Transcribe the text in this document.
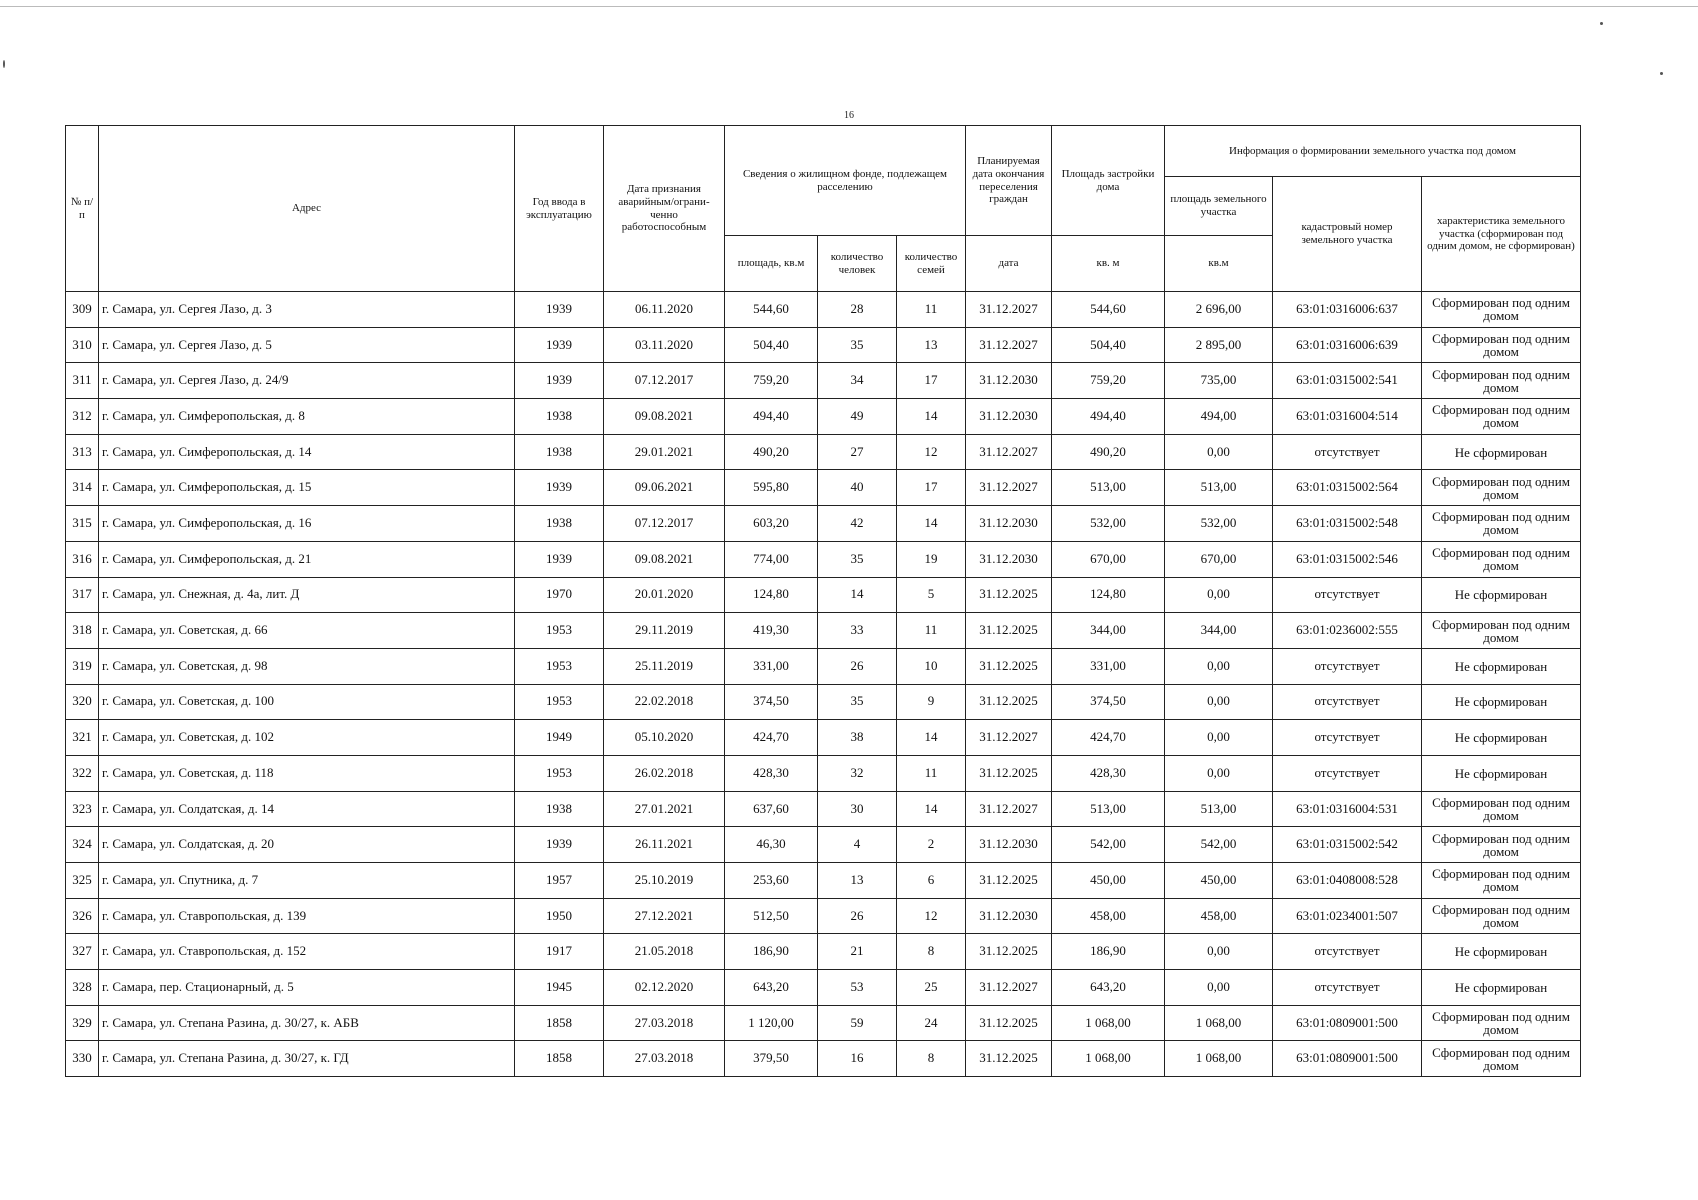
16
№ п/п	Адрес	Год ввода в эксплуатацию	Дата признания аварийным/ограни-ченно работоспособным	Сведения о жилищном фонде, подлежащем расселению			Планируемая дата окончания переселения граждан	Площадь застройки дома	Информация о формировании земельного участка под домом		
									площадь земельного участка	кадастровый номер земельного участка	характеристика земельного участка (сформирован под одним домом, не сформирован)
				площадь, кв.м	количество человек	количество семей	дата	кв. м	кв.м		
309	г. Самара, ул. Сергея Лазо, д. 3	1939	06.11.2020	544,60	28	11	31.12.2027	544,60	2 696,00	63:01:0316006:637	Сформирован под одним домом
310	г. Самара, ул. Сергея Лазо, д. 5	1939	03.11.2020	504,40	35	13	31.12.2027	504,40	2 895,00	63:01:0316006:639	Сформирован под одним домом
311	г. Самара, ул. Сергея Лазо, д. 24/9	1939	07.12.2017	759,20	34	17	31.12.2030	759,20	735,00	63:01:0315002:541	Сформирован под одним домом
312	г. Самара, ул. Симферопольская, д. 8	1938	09.08.2021	494,40	49	14	31.12.2030	494,40	494,00	63:01:0316004:514	Сформирован под одним домом
313	г. Самара, ул. Симферопольская, д. 14	1938	29.01.2021	490,20	27	12	31.12.2027	490,20	0,00	отсутствует	Не сформирован
314	г. Самара, ул. Симферопольская, д. 15	1939	09.06.2021	595,80	40	17	31.12.2027	513,00	513,00	63:01:0315002:564	Сформирован под одним домом
315	г. Самара, ул. Симферопольская, д. 16	1938	07.12.2017	603,20	42	14	31.12.2030	532,00	532,00	63:01:0315002:548	Сформирован под одним домом
316	г. Самара, ул. Симферопольская, д. 21	1939	09.08.2021	774,00	35	19	31.12.2030	670,00	670,00	63:01:0315002:546	Сформирован под одним домом
317	г. Самара, ул. Снежная, д. 4а, лит. Д	1970	20.01.2020	124,80	14	5	31.12.2025	124,80	0,00	отсутствует	Не сформирован
318	г. Самара, ул. Советская, д. 66	1953	29.11.2019	419,30	33	11	31.12.2025	344,00	344,00	63:01:0236002:555	Сформирован под одним домом
319	г. Самара, ул. Советская, д. 98	1953	25.11.2019	331,00	26	10	31.12.2025	331,00	0,00	отсутствует	Не сформирован
320	г. Самара, ул. Советская, д. 100	1953	22.02.2018	374,50	35	9	31.12.2025	374,50	0,00	отсутствует	Не сформирован
321	г. Самара, ул. Советская, д. 102	1949	05.10.2020	424,70	38	14	31.12.2027	424,70	0,00	отсутствует	Не сформирован
322	г. Самара, ул. Советская, д. 118	1953	26.02.2018	428,30	32	11	31.12.2025	428,30	0,00	отсутствует	Не сформирован
323	г. Самара, ул. Солдатская, д. 14	1938	27.01.2021	637,60	30	14	31.12.2027	513,00	513,00	63:01:0316004:531	Сформирован под одним домом
324	г. Самара, ул. Солдатская, д. 20	1939	26.11.2021	46,30	4	2	31.12.2030	542,00	542,00	63:01:0315002:542	Сформирован под одним домом
325	г. Самара, ул. Спутника, д. 7	1957	25.10.2019	253,60	13	6	31.12.2025	450,00	450,00	63:01:0408008:528	Сформирован под одним домом
326	г. Самара, ул. Ставропольская, д. 139	1950	27.12.2021	512,50	26	12	31.12.2030	458,00	458,00	63:01:0234001:507	Сформирован под одним домом
327	г. Самара, ул. Ставропольская, д. 152	1917	21.05.2018	186,90	21	8	31.12.2025	186,90	0,00	отсутствует	Не сформирован
328	г. Самара, пер. Стационарный, д. 5	1945	02.12.2020	643,20	53	25	31.12.2027	643,20	0,00	отсутствует	Не сформирован
329	г. Самара, ул. Степана Разина, д. 30/27, к. АБВ	1858	27.03.2018	1 120,00	59	24	31.12.2025	1 068,00	1 068,00	63:01:0809001:500	Сформирован под одним домом
330	г. Самара, ул. Степана Разина, д. 30/27, к. ГД	1858	27.03.2018	379,50	16	8	31.12.2025	1 068,00	1 068,00	63:01:0809001:500	Сформирован под одним домом
